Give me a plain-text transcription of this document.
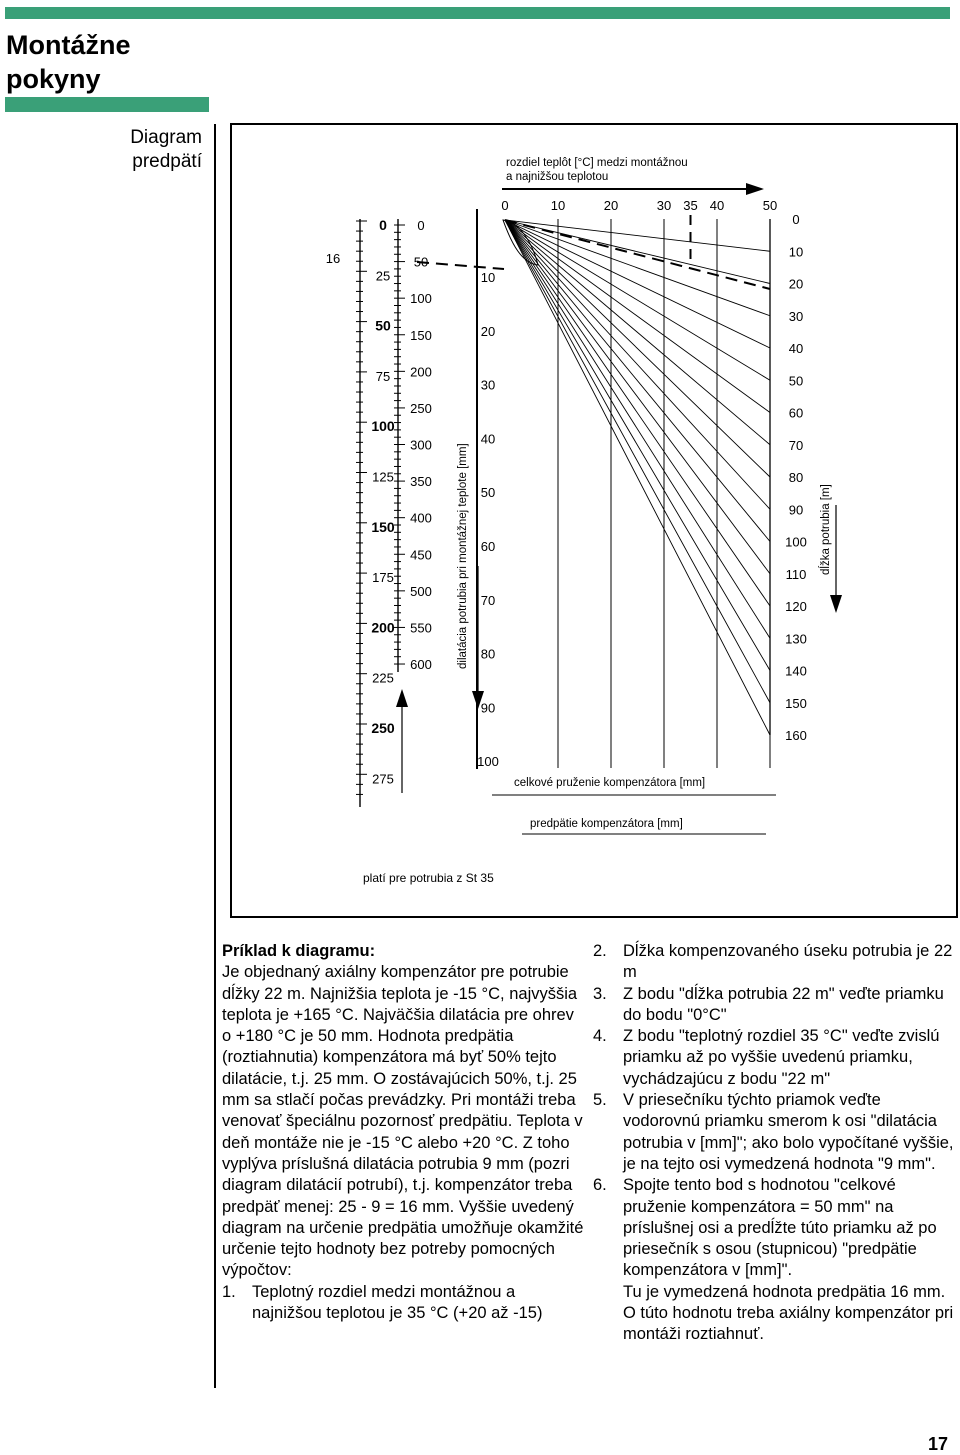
Montážne
pokyny
Diagram
predpätí
0	10	20	30 35 40	50
0
10
20
30
40
50
60
70
80
90
100
110
120
130
140
150
160
10
20
30
40
50
60
70
80
90
100
0
50
100
150
200
250
300
350
400
450
500
550
600
0
25
50
75
100
125
150
175
200
225
250
275
rozdiel teplôt [°C] medzi montážnou
a najnižšou teplotou
dĺžka potrubia [m]
dilatácia potrubia pri montážnej teplote [mm]
celkové pruženie kompenzátora [mm]
predpätie kompenzátora [mm]
16
platí pre potrubia z St 35
Príklad k diagramu:
Je objednaný axiálny kompenzátor pre potrubie dĺžky 22 m. Najnižšia teplota je -15 °C, najvyššia teplota je +165 °C. Najväčšia dilatácia pre ohrev o +180 °C je 50 mm. Hodnota predpätia (roztiahnutia) kompenzátora má byť 50% tejto dilatácie, t.j. 25 mm. O zostávajúcich 50%, t.j. 25 mm sa stlačí počas prevádzky. Pri montáži treba venovať špeciálnu pozornosť predpätiu. Teplota v deň montáže nie je -15 °C alebo +20 °C. Z toho vyplýva príslušná dilatácia potrubia 9 mm (pozri diagram dilatácií potrubí), t.j. kompenzátor treba predpäť menej: 25 - 9 = 16 mm. Vyššie uvedený diagram na určenie predpätia umožňuje okamžité určenie tejto hodnoty bez potreby pomocných výpočtov:
1. Teplotný rozdiel medzi montážnou a najnižšou teplotou je 35 °C (+20 až -15)
2. Dĺžka kompenzovaného úseku potrubia je 22 m
3. Z bodu "dĺžka potrubia 22 m" veďte priamku do bodu "0°C"
4. Z bodu "teplotný rozdiel 35 °C" veďte zvislú priamku až po vyššie uvedenú priamku, vychádzajúcu z bodu "22 m"
5. V priesečníku týchto priamok veďte vodorovnú priamku smerom k osi "dilatácia potrubia v [mm]"; ako bolo vypočítané vyššie, je na tejto osi vymedzená hodnota "9 mm".
6. Spojte tento bod s hodnotou "celkové pruženie kompenzátora = 50 mm" na príslušnej osi a predĺžte túto priamku až po priesečník s osou (stupnicou) "predpätie kompenzátora v [mm]".
Tu je vymedzená hodnota predpätia 16 mm. O túto hodnotu treba axiálny kompenzátor pri montáži roztiahnuť.
17
